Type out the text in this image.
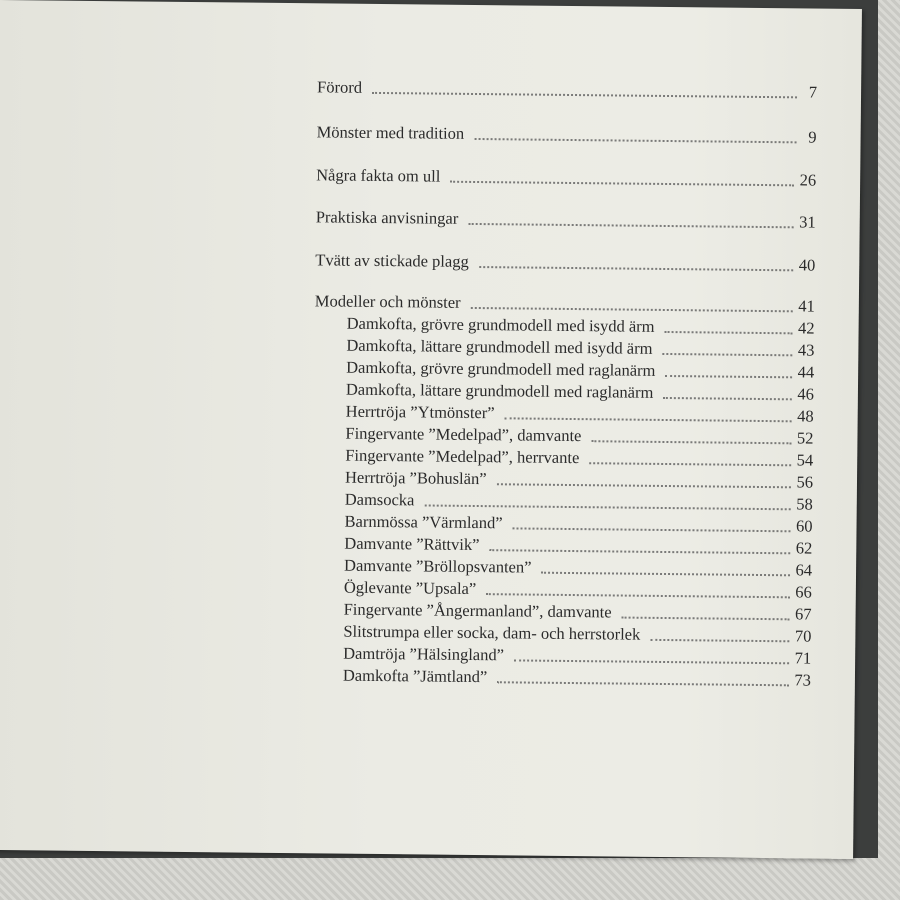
Förord	7
Mönster med tradition	9
Några fakta om ull	26
Praktiska anvisningar	31
Tvätt av stickade plagg	40
Modeller och mönster	41
Damkofta, grövre grundmodell med isydd ärm	42
Damkofta, lättare grundmodell med isydd ärm	43
Damkofta, grövre grundmodell med raglanärm	44
Damkofta, lättare grundmodell med raglanärm	46
Herrtröja ”Ytmönster”	48
Fingervante ”Medelpad”, damvante	52
Fingervante ”Medelpad”, herrvante	54
Herrtröja ”Bohuslän”	56
Damsocka	58
Barnmössa ”Värmland”	60
Damvante ”Rättvik”	62
Damvante ”Bröllopsvanten”	64
Öglevante ”Upsala”	66
Fingervante ”Ångermanland”, damvante	67
Slitstrumpa eller socka, dam- och herrstorlek	70
Damtröja ”Hälsingland”	71
Damkofta ”Jämtland”	73
